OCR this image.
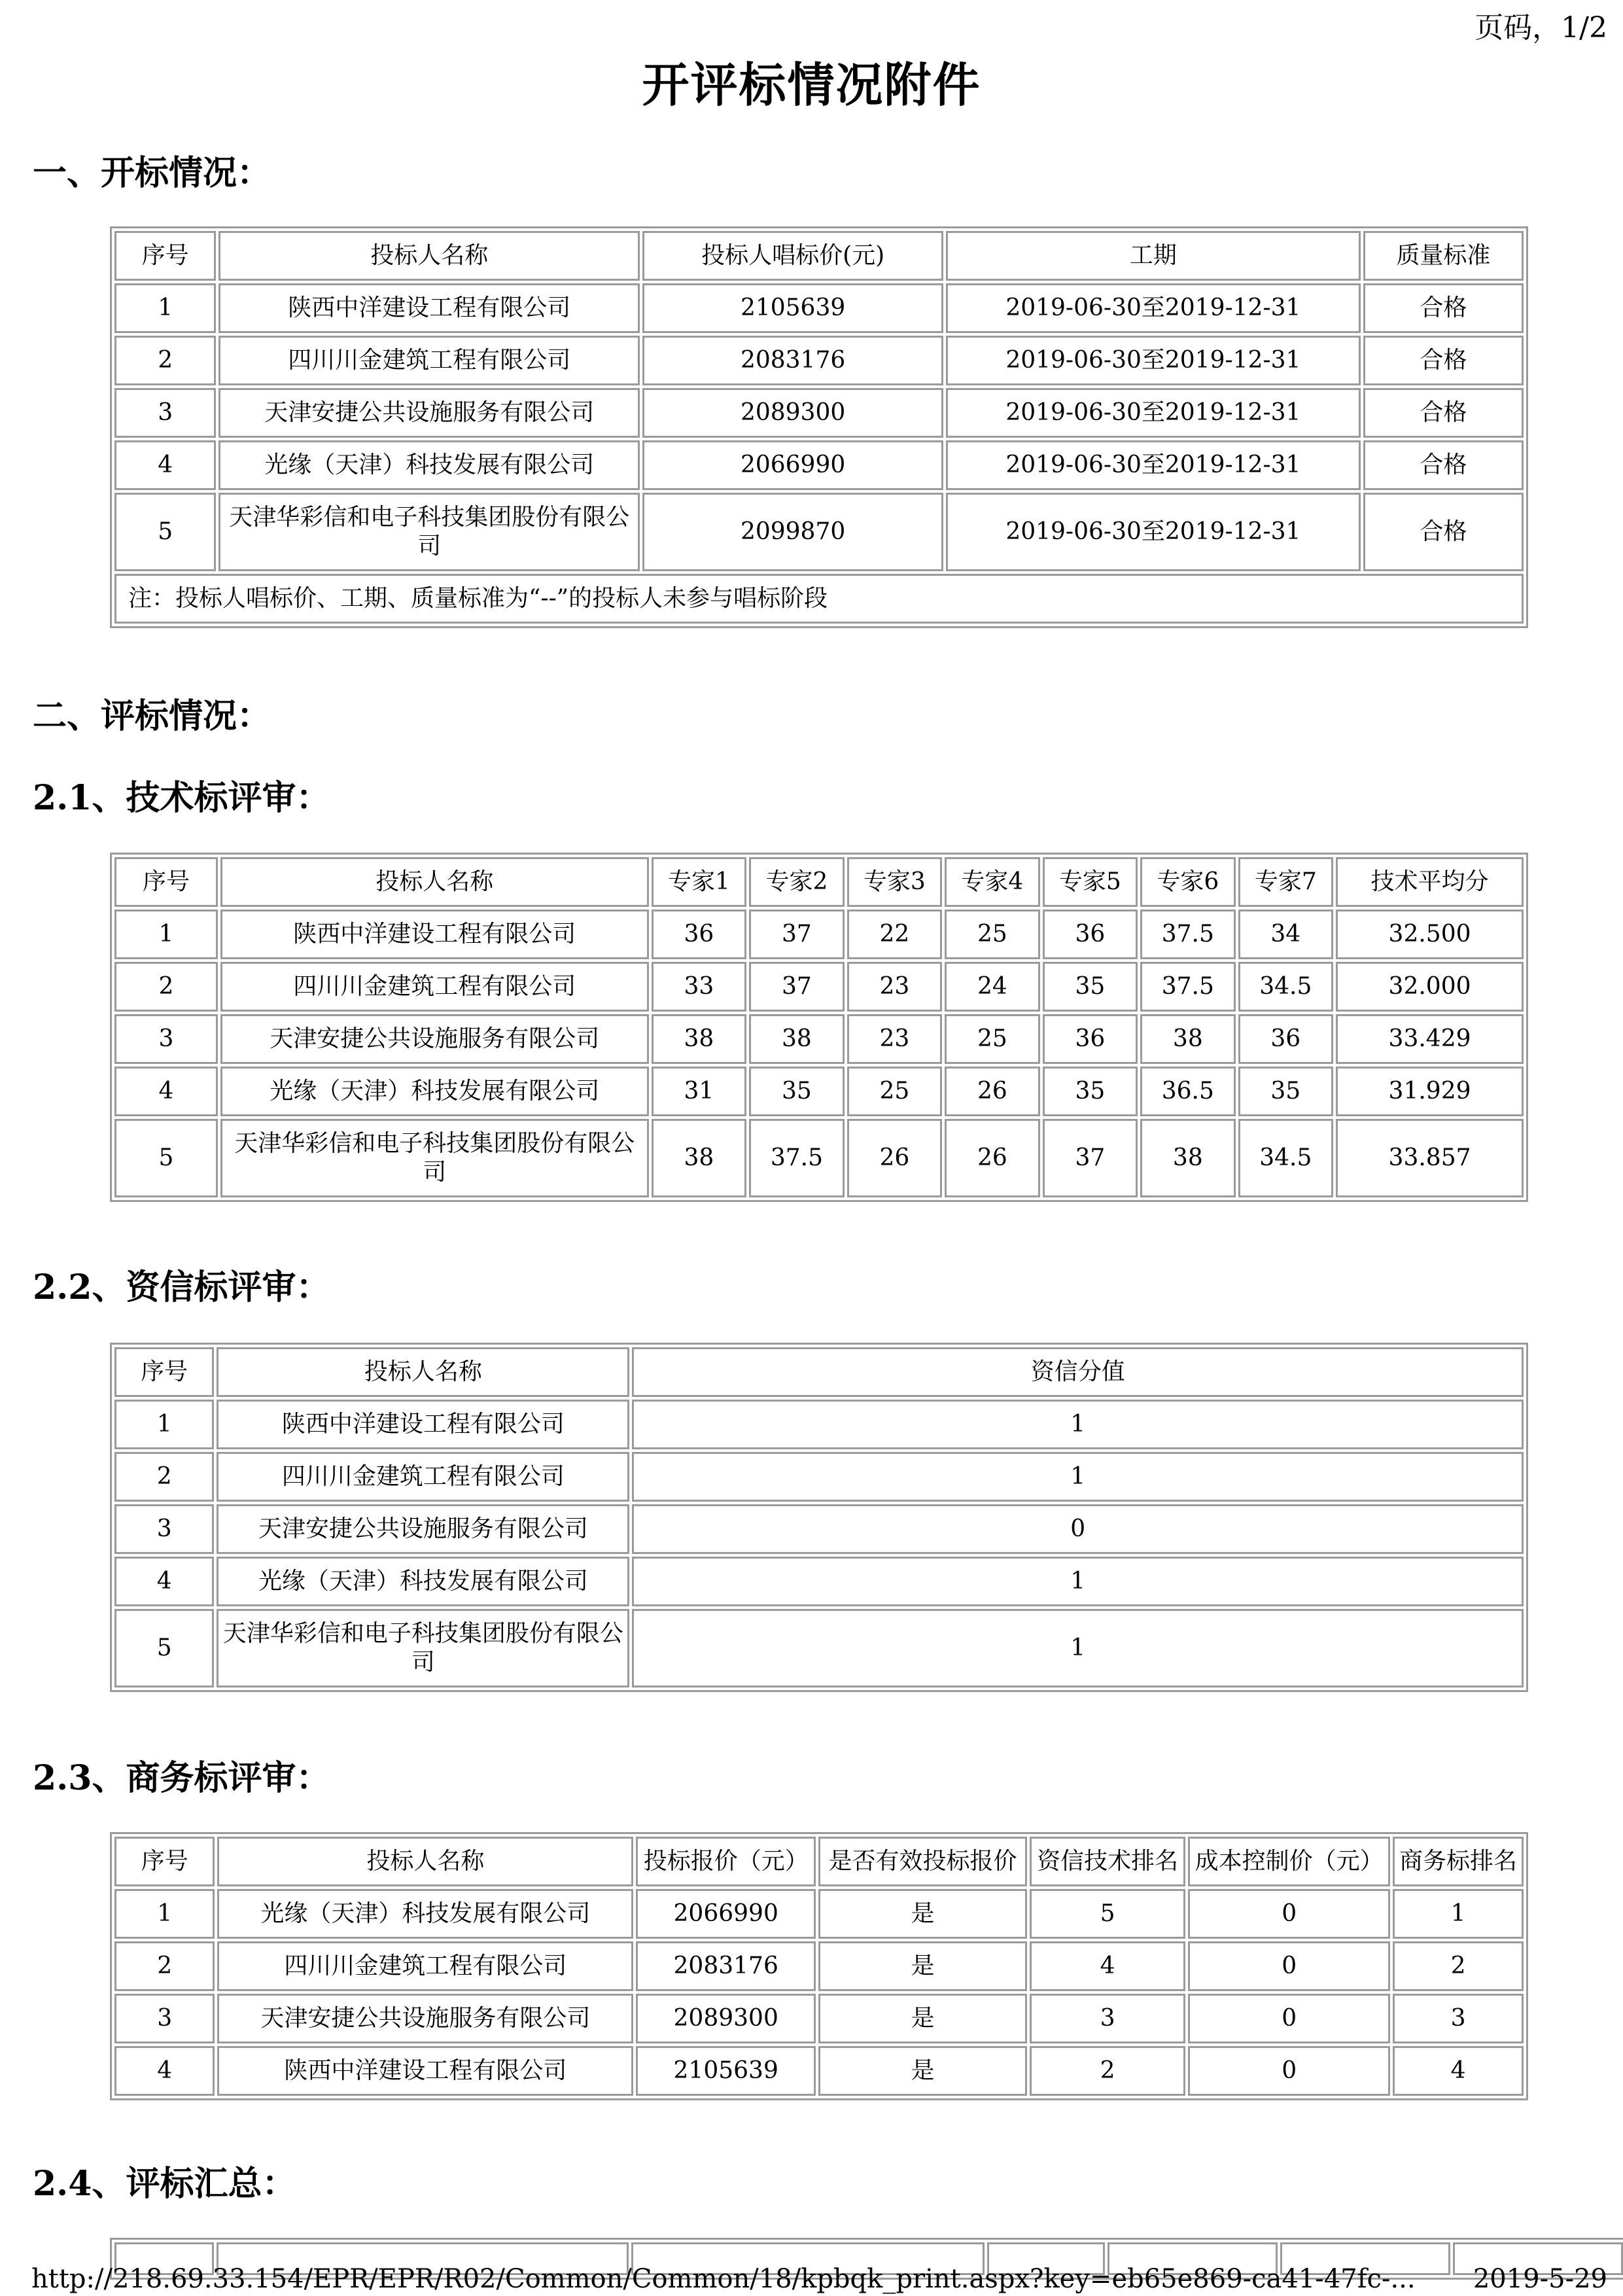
页码，1/2
开评标情况附件
一、开标情况：
序号	投标人名称	投标人唱标价(元)	工期	质量标准
1	陕西中洋建设工程有限公司	2105639	2019-06-30至2019-12-31	合格
2	四川川金建筑工程有限公司	2083176	2019-06-30至2019-12-31	合格
3	天津安捷公共设施服务有限公司	2089300	2019-06-30至2019-12-31	合格
4	光缘（天津）科技发展有限公司	2066990	2019-06-30至2019-12-31	合格
5	天津华彩信和电子科技集团股份有限公司	2099870	2019-06-30至2019-12-31	合格
注：投标人唱标价、工期、质量标准为“--”的投标人未参与唱标阶段				
二、评标情况：
2.1、技术标评审：
序号	投标人名称	专家1	专家2	专家3	专家4	专家5	专家6	专家7	技术平均分
1	陕西中洋建设工程有限公司	36	37	22	25	36	37.5	34	32.500
2	四川川金建筑工程有限公司	33	37	23	24	35	37.5	34.5	32.000
3	天津安捷公共设施服务有限公司	38	38	23	25	36	38	36	33.429
4	光缘（天津）科技发展有限公司	31	35	25	26	35	36.5	35	31.929
5	天津华彩信和电子科技集团股份有限公司	38	37.5	26	26	37	38	34.5	33.857
2.2、资信标评审：
序号	投标人名称	资信分值
1	陕西中洋建设工程有限公司	1
2	四川川金建筑工程有限公司	1
3	天津安捷公共设施服务有限公司	0
4	光缘（天津）科技发展有限公司	1
5	天津华彩信和电子科技集团股份有限公司	1
2.3、商务标评审：
序号	投标人名称	投标报价（元）	是否有效投标报价	资信技术排名	成本控制价（元）	商务标排名
1	光缘（天津）科技发展有限公司	2066990	是	5	0	1
2	四川川金建筑工程有限公司	2083176	是	4	0	2
3	天津安捷公共设施服务有限公司	2089300	是	3	0	3
4	陕西中洋建设工程有限公司	2105639	是	2	0	4
2.4、评标汇总：

http://218.69.33.154/EPR/EPR/R02/Common/Common/18/kpbqk_print.aspx?key=eb65e869-ca41-47fc-... 2019-5-29
